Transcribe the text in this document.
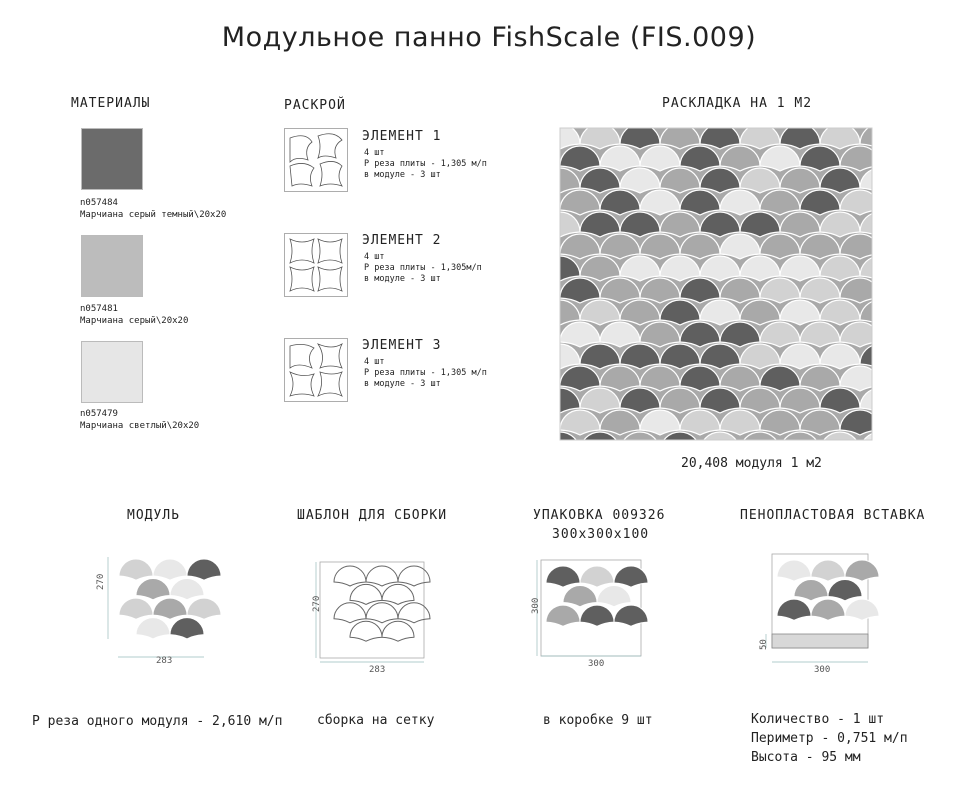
Модульное панно FishScale (FIS.009)
МАТЕРИАЛЫ
n057484
Марчиана серый темный\20x20
n057481
Марчиана серый\20x20
n057479
Марчиана светлый\20x20
РАСКРОЙ
ЭЛЕМЕНТ 1
4 шт
P реза плиты - 1,305 м/п
в модуле - 3 шт
ЭЛЕМЕНТ 2
4 шт
P реза плиты - 1,305м/п
в модуле - 3 шт
ЭЛЕМЕНТ 3
4 шт
P реза плиты - 1,305 м/п
в модуле - 3 шт
РАСКЛАДКА НА 1 М2
20,408 модуля 1 м2
МОДУЛЬ
270
283
P реза одного модуля - 2,610 м/п
ШАБЛОН ДЛЯ СБОРКИ
270
283
сборка на сетку
УПАКОВКА 009326
300x300x100
300
300
в коробке 9 шт
ПЕНОПЛАСТОВАЯ ВСТАВКА
50
300
Количество - 1 шт
Периметр - 0,751 м/п
Высота - 95 мм
